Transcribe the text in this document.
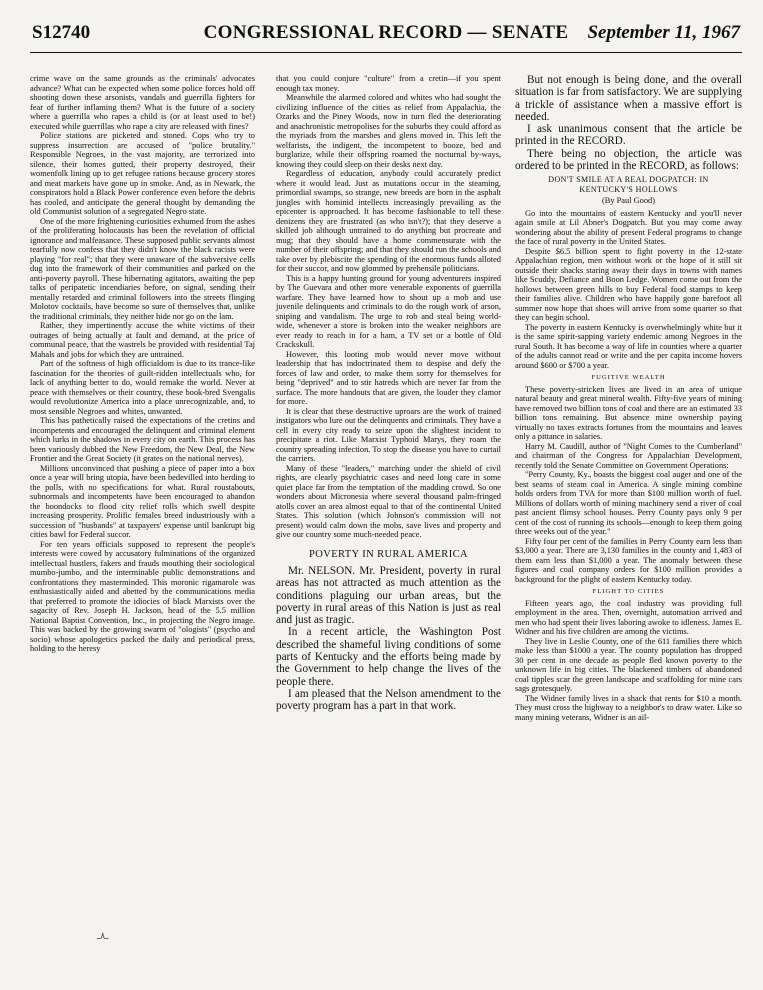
S12740	CONGRESSIONAL RECORD — SENATE	September 11, 1967

crime wave on the same grounds as the criminals' advocates advance? What can be expected when some police forces hold off shooting down these arsonists, vandals and guerrilla fighters for fear of further inflaming them? What is the future of a society where a guerrilla who rapes a child is (or at least used to be!) executed while guerrillas who rape a city are released with fines?

Police stations are picketed and stoned. Cops who try to suppress insurrection are accused of "police brutality." Responsible Negroes, in the vast majority, are terrorized into silence, their homes gutted, their property destroyed, their womenfolk lining up to get refugee rations because grocery stores and meat markets have gone up in smoke. And, as in Newark, the conspirators hold a Black Power conference even before the debris has cooled, and anticipate the general thought by demanding the old Communist solution of a segregated Negro state.

One of the more frightening curiosities exhumed from the ashes of the proliferating holocausts has been the revelation of official ignorance and malfeasance. These supposed public servants almost tearfully now confess that they didn't know the black racists were playing "for real"; that they were unaware of the subversive cells dug into the framework of their communities and parked on the anti-poverty payroll. These hibernating agitators, awaiting the pep talks of peripatetic incendiaries before, on signal, sending their mentally retarded and criminal followers into the streets flinging Molotov cocktails, have become so sure of themselves that, unlike the traditional criminals, they neither hide nor go on the lam.

Rather, they impertinently accuse the white victims of their outrages of being actually at fault and demand, at the price of communal peace, that the wastrels be provided with residential Taj Mahals and jobs for which they are untrained.

Part of the softness of high officialdom is due to its trance-like fascination for the theories of guilt-ridden intellectuals who, for lack of anything better to do, would remake the world. Never at peace with themselves or their country, these book-bred Svengalis would revolutionize America into a place unrecognizable, and, to most sensible Negroes and whites, unwanted.

This has pathetically raised the expectations of the cretins and incompetents and encouraged the delinquent and criminal element which lurks in the shadows in every city on earth. This process has been variously dubbed the New Freedom, the New Deal, the New Frontier and the Great Society (it grates on the national nerves).

Millions unconvinced that pushing a piece of paper into a box once a year will bring utopia, have been bedevilled into herding to the polls, with no specifications for what. Rural roustabouts, subnormals and incompetents have been encouraged to abandon the boondocks to flood city relief rolls which swell despite increasing prosperity. Prolific females breed industriously with a succession of "husbands" at taxpayers' expense until bankrupt big cities bawl for Federal succor.

For ten years officials supposed to represent the people's interests were cowed by accusatory fulminations of the organized intellectual hustlers, fakers and frauds mouthing their sociological mumbo-jumbo, and the interminable public demonstrations and confrontations they masterminded. This moronic rigamarole was enthusiastically aided and abetted by the communications media that preferred to promote the idiocies of black Marxists over the sagacity of Rev. Joseph H. Jackson, head of the 5.5 million National Baptist Convention, Inc., in projecting the Negro image. This was backed by the growing swarm of "ologists" (psycho and socio) whose apologetics packed the daily and periodical press, holding to the heresy

that you could conjure "culture" from a cretin—if you spent enough tax money.

Meanwhile the alarmed colored and whites who had sought the civilizing influence of the cities as relief from Appalachia, the Ozarks and the Piney Woods, now in turn fled the deteriorating and anachronistic metropolises for the suburbs they could afford as the myriads from the marshes and glens moved in. This left the welfarists, the indigent, the incompetent to booze, bed and burglarize, while their offspring roamed the nocturnal by-ways, knowing they could sleep on their desks next day.

Regardless of education, anybody could accurately predict where it would lead. Just as mutations occur in the steaming, primordial swamps, so strange, new breeds are born in the asphalt jungles with hominid intellects increasingly prevailing as the epicenter is approached. It has become fashionable to tell these denizens they are frustrated (as who isn't?); that they deserve a skilled job although untrained to do anything but procreate and mug; that they should have a home commensurate with the number of their offspring; and that they should run the schools and take over by plebiscite the spending of the enormous funds alloted for their succor, and now glommed by prehensile politicians.

This is a happy hunting ground for young adventurers inspired by The Guevara and other more venerable exponents of guerrilla warfare. They have learned how to shout up a mob and use juvenile delinquents and criminals to do the rough work of arson, sniping and vandalism. The urge to rob and steal being world-wide, whenever a store is broken into the weaker neighbors are ever ready to reach in for a ham, a TV set or a bottle of Old Crackskull.

However, this looting mob would never move without leadership that has indoctrinated them to despise and defy the forces of law and order, to make them sorry for themselves for being "deprived" and to stir hatreds which are never far from the surface. The more handouts that are given, the louder they clamor for more.

It is clear that these destructive uproars are the work of trained instigators who lure out the delinquents and criminals. They have a cell in every city ready to seize upon the slightest incident to precipitate a riot. Like Marxist Typhoid Marys, they roam the country spreading infection. To stop the disease you have to curtail the carriers.

Many of these "leaders," marching under the shield of civil rights, are clearly psychiatric cases and need long care in some quiet place far from the temptation of the madding crowd. So one wonders about Micronesia where several thousand palm-fringed atolls cover an area almost equal to that of the continental United States. This solution (which Johnson's commission will not present) would calm down the mobs, save lives and property and give our country some much-needed peace.

POVERTY IN RURAL AMERICA

Mr. NELSON. Mr. President, poverty in rural areas has not attracted as much attention as the conditions plaguing our urban areas, but the poverty in rural areas of this Nation is just as real and just as tragic.

In a recent article, the Washington Post described the shameful living conditions of some parts of Kentucky and the efforts being made by the Government to help change the lives of the people there.

I am pleased that the Nelson amendment to the poverty program has a part in that work.

But not enough is being done, and the overall situation is far from satisfactory. We are supplying a trickle of assistance when a massive effort is needed.

I ask unanimous consent that the article be printed in the RECORD.

There being no objection, the article was ordered to be printed in the RECORD, as follows:

DON'T SMILE AT A REAL DOGPATCH: IN
KENTUCKY'S HOLLOWS
(By Paul Good)

Go into the mountains of eastern Kentucky and you'll never again smile at Lil Abner's Dogpatch. But you may come away wondering about the ability of present Federal programs to change the face of rural poverty in the United States.

Despite $6.5 billion spent to fight poverty in the 12-state Appalachian region, men without work or the hope of it still sit outside their shacks staring away their days in towns with names like Scuddy, Defiance and Boon Ledge. Women come out from the hollows between green hills to buy Federal food stamps to keep their families alive. Children who have happily gone barefoot all summer now hope that shoes will arrive from some quarter so that they can begin school.

The poverty in eastern Kentucky is overwhelmingly white but it is the same spirit-sapping variety endemic among Negroes in the rural South. It has become a way of life in counties where a quarter of the adults cannot read or write and the per capita income hovers around $600 or $700 a year.

FUGITIVE WEALTH

These poverty-stricken lives are lived in an area of unique natural beauty and great mineral wealth. Fifty-five years of mining have removed two billion tons of coal and there are an estimated 33 billion tons remaining. But absence mine ownership paying virtually no taxes extracts fortunes from the mountains and leaves only a pittance in salaries.

Harry M. Caudill, author of "Night Comes to the Cumberland" and chairman of the Congress for Appalachian Development, recently told the Senate Committee on Government Operations:

"Perry County, Ky., boasts the biggest coal auger and one of the best seams of steam coal in America. A single mining combine holds orders from TVA for more than $100 million worth of fuel. Millions of dollars worth of mining machinery send a river of coal past ancient flimsy school houses. Perry County pays only 9 per cent of the cost of running its schools—enough to keep them going three weeks out of the year."

Fifty four per cent of the families in Perry County earn less than $3,000 a year. There are 3,130 families in the county and 1,483 of them earn less than $1,000 a year. The anomaly between these figures and coal company orders for $100 million provides a background for the plight of eastern Kentucky today.

FLIGHT TO CITIES

Fifteen years ago, the coal industry was providing full employment in the area. Then, overnight, automation arrived and men who had spent their lives laboring awoke to idleness. James E. Widner and his five children are among the victims.

They live in Leslie County, one of the 611 families there which make less than $1000 a year. The county population has dropped 30 per cent in one decade as people fled known poverty to the unknown life in big cities. The blackened timbers of abandoned coal tipples scar the green landscape and scaffolding for mine cars sags grotesquely.

The Widner family lives in a shack that rents for $10 a month. They must cross the highway to a neighbor's to draw water. Like so many mining veterans, Widner is an ail-

ـ٨ـ
